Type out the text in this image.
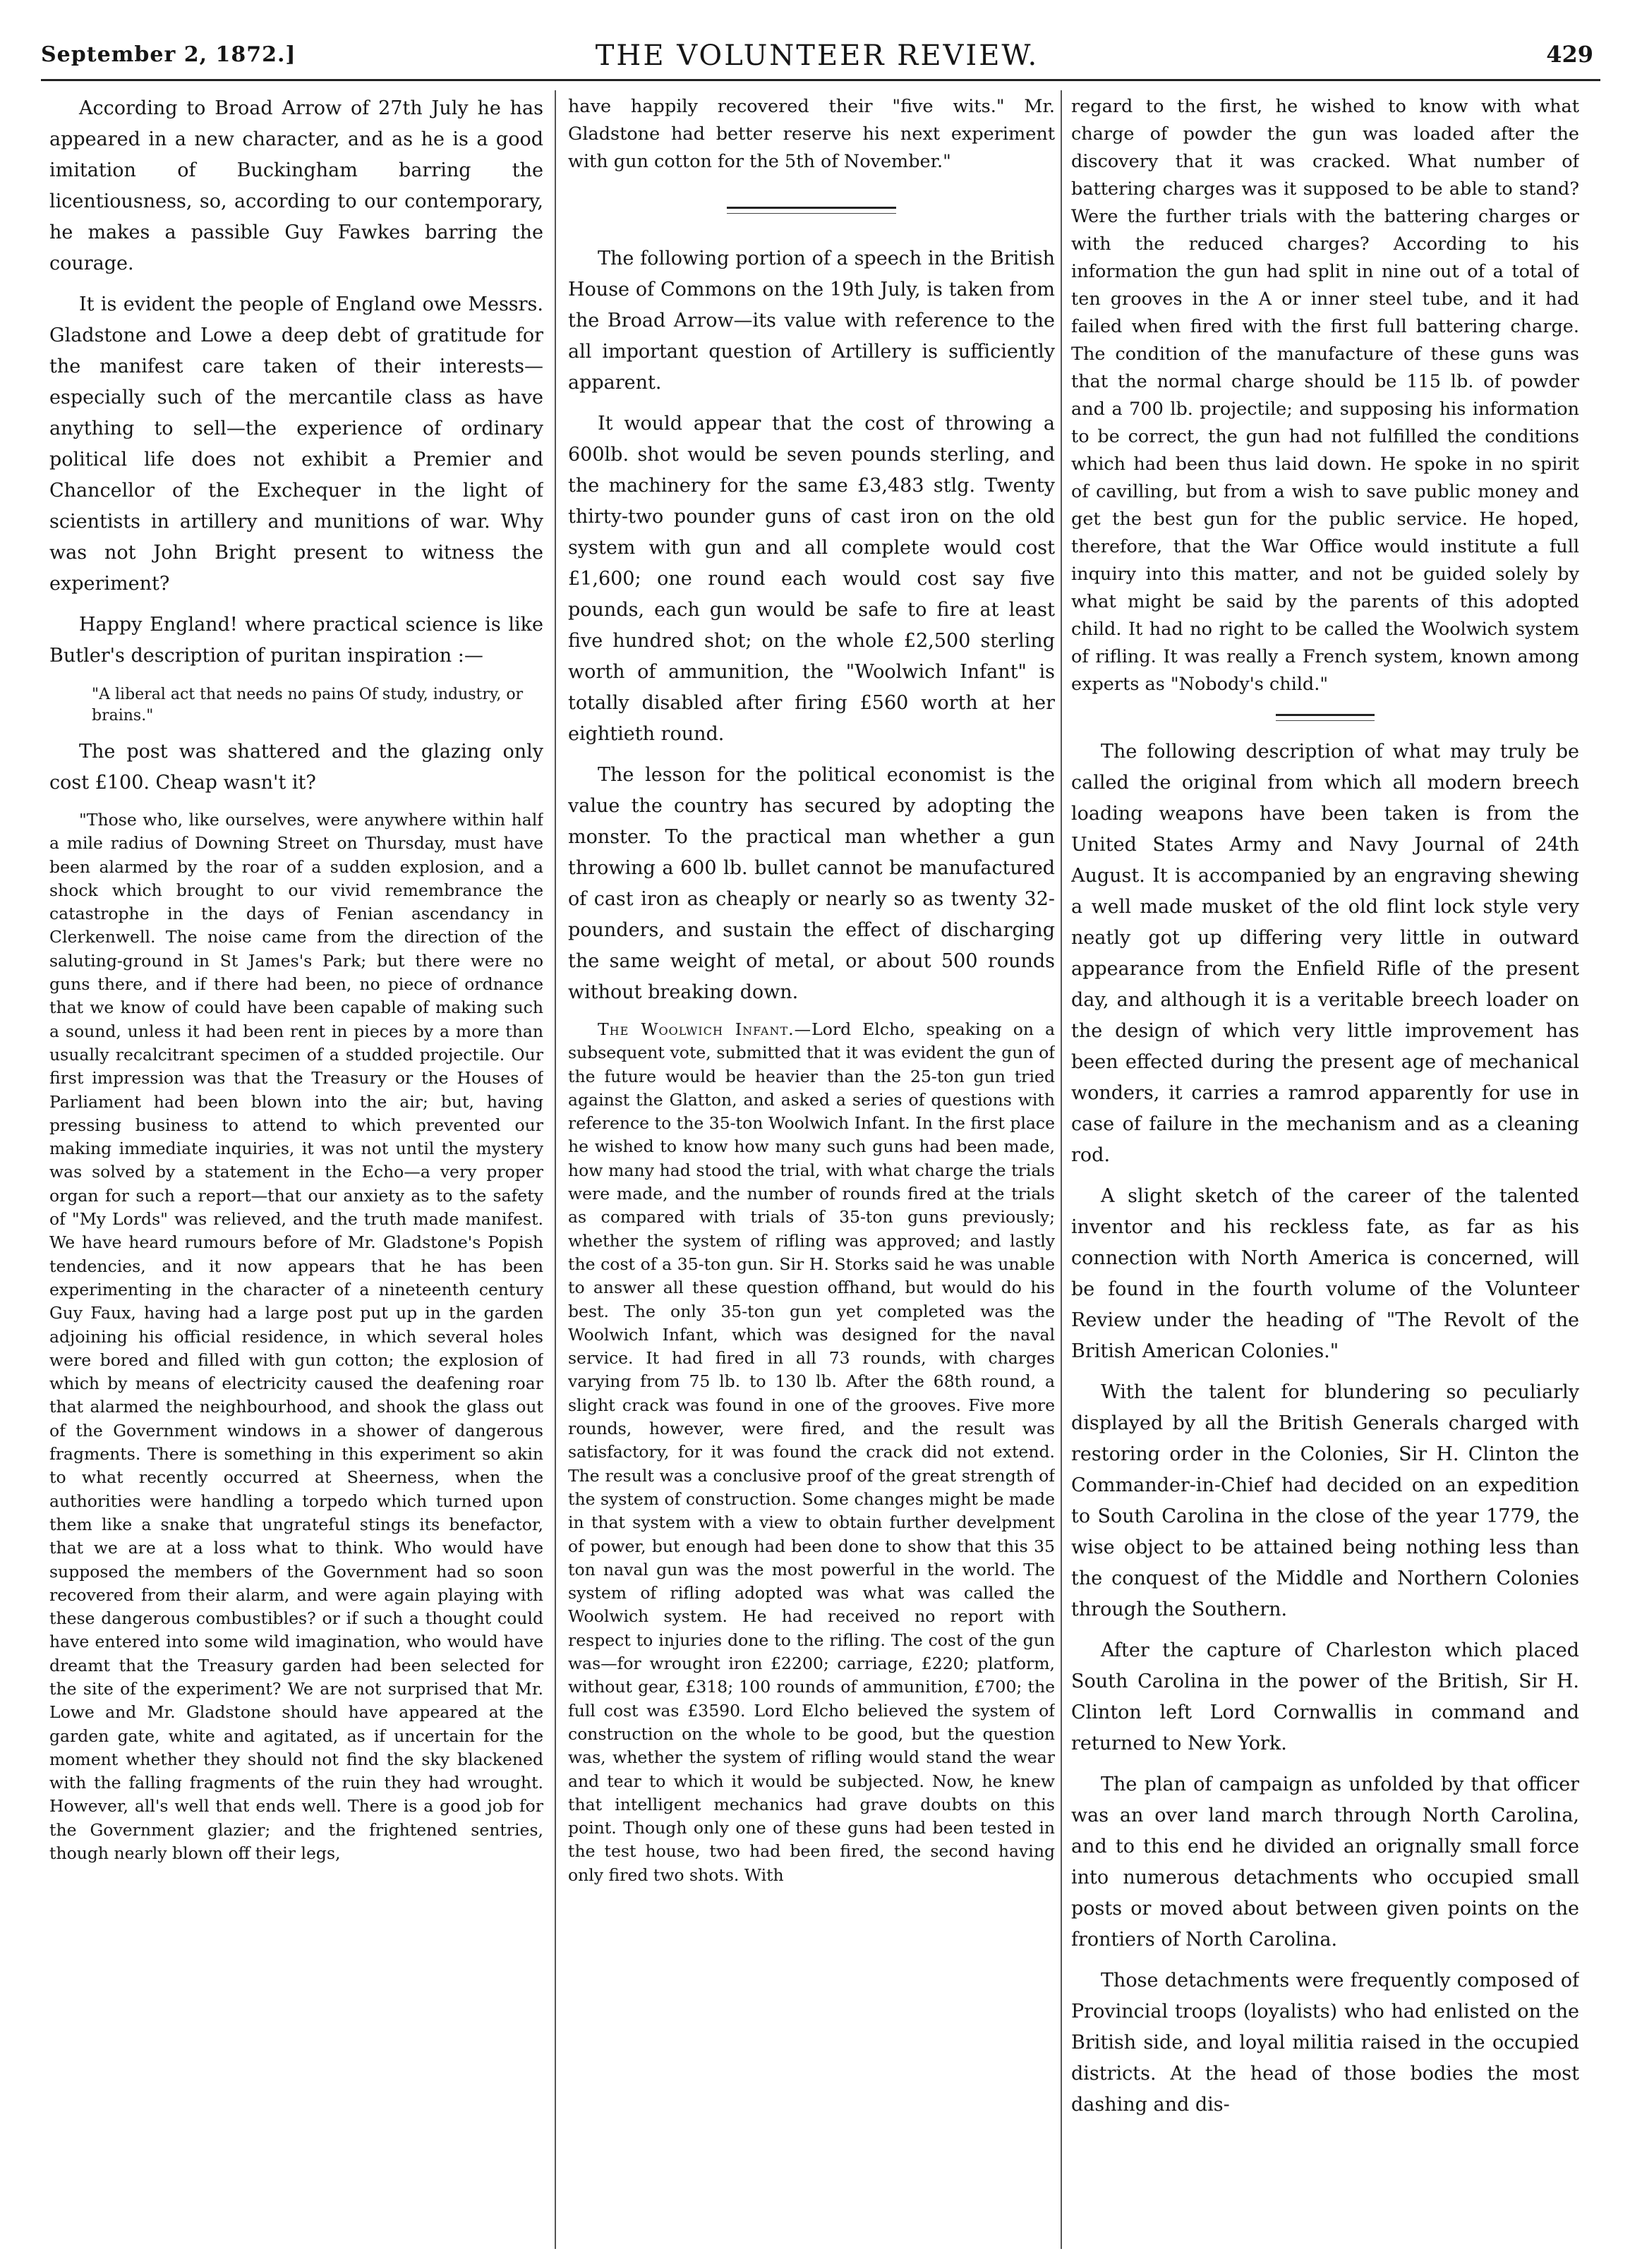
September 2, 1872.]	THE VOLUNTEER REVIEW.	429

According to Broad Arrow of 27th July he has appeared in a new character, and as he is a good imitation of Buckingham barring the licentiousness, so, according to our contemporary, he makes a passible Guy Fawkes barring the courage.

It is evident the people of England owe Messrs. Gladstone and Lowe a deep debt of gratitude for the manifest care taken of their interests—especially such of the mercantile class as have anything to sell—the experience of ordinary political life does not exhibit a Premier and Chancellor of the Exchequer in the light of scientists in artillery and munitions of war. Why was not John Bright present to witness the experiment?

Happy England! where practical science is like Butler's description of puritan inspiration :—

"A liberal act that needs no pains Of study, industry, or brains."

The post was shattered and the glazing only cost £100. Cheap wasn't it?

"Those who, like ourselves, were anywhere within half a mile radius of Downing Street on Thursday, must have been alarmed by the roar of a sudden explosion, and a shock which brought to our vivid remembrance the catastrophe in the days of Fenian ascendancy in Clerkenwell. The noise came from the direction of the saluting-ground in St James's Park; but there were no guns there, and if there had been, no piece of ordnance that we know of could have been capable of making such a sound, unless it had been rent in pieces by a more than usually recalcitrant specimen of a studded projectile. Our first impression was that the Treasury or the Houses of Parliament had been blown into the air; but, having pressing business to attend to which prevented our making immediate inquiries, it was not until the mystery was solved by a statement in the Echo—a very proper organ for such a report—that our anxiety as to the safety of "My Lords" was relieved, and the truth made manifest. We have heard rumours before of Mr. Gladstone's Popish tendencies, and it now appears that he has been experimenting in the character of a nineteenth century Guy Faux, having had a large post put up in the garden adjoining his official residence, in which several holes were bored and filled with gun cotton; the explosion of which by means of electricity caused the deafening roar that alarmed the neighbourhood, and shook the glass out of the Government windows in a shower of dangerous fragments. There is something in this experiment so akin to what recently occurred at Sheerness, when the authorities were handling a torpedo which turned upon them like a snake that ungrateful stings its benefactor, that we are at a loss what to think. Who would have supposed the members of the Government had so soon recovered from their alarm, and were again playing with these dangerous combustibles? or if such a thought could have entered into some wild imagination, who would have dreamt that the Treasury garden had been selected for the site of the experiment? We are not surprised that Mr. Lowe and Mr. Gladstone should have appeared at the garden gate, white and agitated, as if uncertain for the moment whether they should not find the sky blackened with the falling fragments of the ruin they had wrought. However, all's well that ends well. There is a good job for the Government glazier; and the frightened sentries, though nearly blown off their legs,

have happily recovered their "five wits." Mr. Gladstone had better reserve his next experiment with gun cotton for the 5th of November."

The following portion of a speech in the British House of Commons on the 19th July, is taken from the Broad Arrow—its value with reference to the all important question of Artillery is sufficiently apparent.

It would appear that the cost of throwing a 600lb. shot would be seven pounds sterling, and the machinery for the same £3,483 stlg. Twenty thirty-two pounder guns of cast iron on the old system with gun and all complete would cost £1,600; one round each would cost say five pounds, each gun would be safe to fire at least five hundred shot; on the whole £2,500 sterling worth of ammunition, the "Woolwich Infant" is totally disabled after firing £560 worth at her eightieth round.

The lesson for the political economist is the value the country has secured by adopting the monster. To the practical man whether a gun throwing a 600 lb. bullet cannot be manufactured of cast iron as cheaply or nearly so as twenty 32-pounders, and sustain the effect of discharging the same weight of metal, or about 500 rounds without breaking down.

The Woolwich Infant.—Lord Elcho, speaking on a subsequent vote, submitted that it was evident the gun of the future would be heavier than the 25-ton gun tried against the Glatton, and asked a series of questions with reference to the 35-ton Woolwich Infant. In the first place he wished to know how many such guns had been made, how many had stood the trial, with what charge the trials were made, and the number of rounds fired at the trials as compared with trials of 35-ton guns previously; whether the system of rifling was approved; and lastly the cost of a 35-ton gun. Sir H. Storks said he was unable to answer all these question offhand, but would do his best. The only 35-ton gun yet completed was the Woolwich Infant, which was designed for the naval service. It had fired in all 73 rounds, with charges varying from 75 lb. to 130 lb. After the 68th round, a slight crack was found in one of the grooves. Five more rounds, however, were fired, and the result was satisfactory, for it was found the crack did not extend. The result was a conclusive proof of the great strength of the system of construction. Some changes might be made in that system with a view to obtain further develpment of power, but enough had been done to show that this 35 ton naval gun was the most powerful in the world. The system of rifling adopted was what was called the Woolwich system. He had received no report with respect to injuries done to the rifling. The cost of the gun was—for wrought iron £2200; carriage, £220; platform, without gear, £318; 100 rounds of ammunition, £700; the full cost was £3590. Lord Elcho believed the system of construction on the whole to be good, but the question was, whether the system of rifling would stand the wear and tear to which it would be subjected. Now, he knew that intelligent mechanics had grave doubts on this point. Though only one of these guns had been tested in the test house, two had been fired, the second having only fired two shots. With

regard to the first, he wished to know with what charge of powder the gun was loaded after the discovery that it was cracked. What number of battering charges was it supposed to be able to stand? Were the further trials with the battering charges or with the reduced charges? According to his information the gun had split in nine out of a total of ten grooves in the A or inner steel tube, and it had failed when fired with the first full battering charge. The condition of the manufacture of these guns was that the normal charge should be 115 lb. of powder and a 700 lb. projectile; and supposing his information to be correct, the gun had not fulfilled the conditions which had been thus laid down. He spoke in no spirit of cavilling, but from a wish to save public money and get the best gun for the public service. He hoped, therefore, that the War Office would institute a full inquiry into this matter, and not be guided solely by what might be said by the parents of this adopted child. It had no right to be called the Woolwich system of rifling. It was really a French system, known among experts as "Nobody's child."

The following description of what may truly be called the original from which all modern breech loading weapons have been taken is from the United States Army and Navy Journal of 24th August. It is accompanied by an engraving shewing a well made musket of the old flint lock style very neatly got up differing very little in outward appearance from the Enfield Rifle of the present day, and although it is a veritable breech loader on the design of which very little improvement has been effected during the present age of mechanical wonders, it carries a ramrod apparently for use in case of failure in the mechanism and as a cleaning rod.

A slight sketch of the career of the talented inventor and his reckless fate, as far as his connection with North America is concerned, will be found in the fourth volume of the Volunteer Review under the heading of "The Revolt of the British American Colonies."

With the talent for blundering so peculiarly displayed by all the British Generals charged with restoring order in the Colonies, Sir H. Clinton the Commander-in-Chief had decided on an expedition to South Carolina in the close of the year 1779, the wise object to be attained being nothing less than the conquest of the Middle and Northern Colonies through the Southern.

After the capture of Charleston which placed South Carolina in the power of the British, Sir H. Clinton left Lord Cornwallis in command and returned to New York.

The plan of campaign as unfolded by that officer was an over land march through North Carolina, and to this end he divided an orignally small force into numerous detachments who occupied small posts or moved about between given points on the frontiers of North Carolina.

Those detachments were frequently composed of Provincial troops (loyalists) who had enlisted on the British side, and loyal militia raised in the occupied districts. At the head of those bodies the most dashing and dis-
